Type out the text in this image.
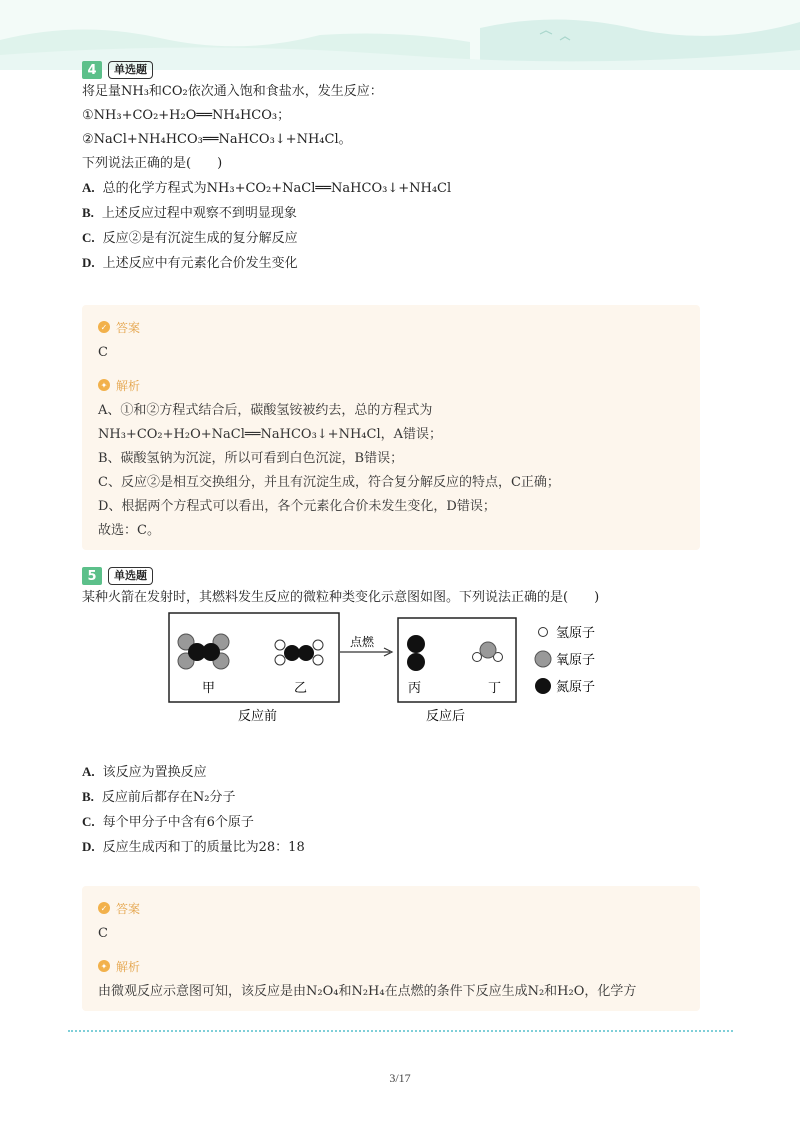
4	单选题
将足量NH₃和CO₂依次通入饱和食盐水，发生反应：
①NH₃+CO₂+H₂O══NH₄HCO₃；
②NaCl+NH₄HCO₃══NaHCO₃↓+NH₄Cl。
下列说法正确的是(　　)
A. 总的化学方程式为NH₃+CO₂+NaCl══NaHCO₃↓+NH₄Cl
B. 上述反应过程中观察不到明显现象
C. 反应②是有沉淀生成的复分解反应
D. 上述反应中有元素化合价发生变化
✓ 答案
C
✦ 解析
A、①和②方程式结合后，碳酸氢铵被约去，总的方程式为
NH₃+CO₂+H₂O+NaCl══NaHCO₃↓+NH₄Cl，A错误；
B、碳酸氢钠为沉淀，所以可看到白色沉淀，B错误；
C、反应②是相互交换组分，并且有沉淀生成，符合复分解反应的特点，C正确；
D、根据两个方程式可以看出，各个元素化合价未发生变化，D错误；
故选：C。
5	单选题
某种火箭在发射时，其燃料发生反应的微粒种类变化示意图如图。下列说法正确的是(　　)
甲	乙
反应前
点燃
丙	丁
反应后
氢原子
氧原子
氮原子
A. 该反应为置换反应
B. 反应前后都存在N₂分子
C. 每个甲分子中含有6个原子
D. 反应生成丙和丁的质量比为28：18
✓ 答案
C
✦ 解析
由微观反应示意图可知，该反应是由N₂O₄和N₂H₄在点燃的条件下反应生成N₂和H₂O，化学方
3/17
